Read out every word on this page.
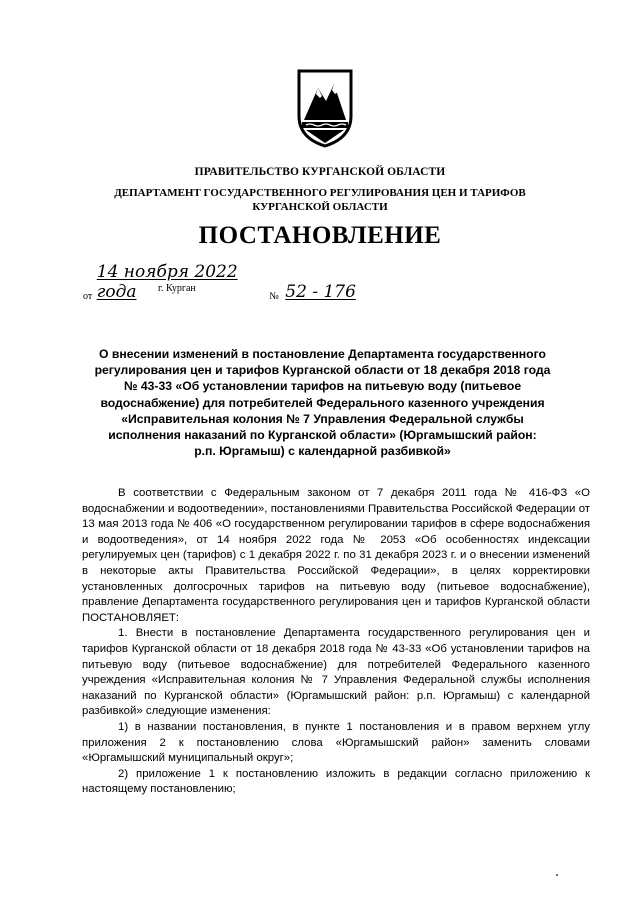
ПРАВИТЕЛЬСТВО КУРГАНСКОЙ ОБЛАСТИ
ДЕПАРТАМЕНТ ГОСУДАРСТВЕННОГО РЕГУЛИРОВАНИЯ ЦЕН И ТАРИФОВ
КУРГАНСКОЙ ОБЛАСТИ
ПОСТАНОВЛЕНИЕ
от 14 ноября 2022 года	№ 52 - 176
г. Курган
О внесении изменений в постановление Департамента государственного
регулирования цен и тарифов Курганской области от 18 декабря 2018 года
№ 43-33 «Об установлении тарифов на питьевую воду (питьевое
водоснабжение) для потребителей Федерального казенного учреждения
«Исправительная колония № 7 Управления Федеральной службы
исполнения наказаний по Курганской области» (Юргамышский район:
р.п. Юргамыш) с календарной разбивкой»

В соответствии с Федеральным законом от 7 декабря 2011 года № 416-ФЗ «О водоснабжении и водоотведении», постановлениями Правительства Российской Федерации от 13 мая 2013 года № 406 «О государственном регулировании тарифов в сфере водоснабжения и водоотведения», от 14 ноября 2022 года № 2053 «Об особенностях индексации регулируемых цен (тарифов) с 1 декабря 2022 г. по 31 декабря 2023 г. и о внесении изменений в некоторые акты Правительства Российской Федерации», в целях корректировки установленных долгосрочных тарифов на питьевую воду (питьевое водоснабжение), правление Департамента государственного регулирования цен и тарифов Курганской области ПОСТАНОВЛЯЕТ:

1. Внести в постановление Департамента государственного регулирования цен и тарифов Курганской области от 18 декабря 2018 года № 43-33 «Об установлении тарифов на питьевую воду (питьевое водоснабжение) для потребителей Федерального казенного учреждения «Исправительная колония № 7 Управления Федеральной службы исполнения наказаний по Курганской области» (Юргамышский район: р.п. Юргамыш) с календарной разбивкой» следующие изменения:

1) в названии постановления, в пункте 1 постановления и в правом верхнем углу приложения 2 к постановлению слова «Юргамышский район» заменить словами «Юргамышский муниципальный округ»;

2) приложение 1 к постановлению изложить в редакции согласно приложению к настоящему постановлению;
